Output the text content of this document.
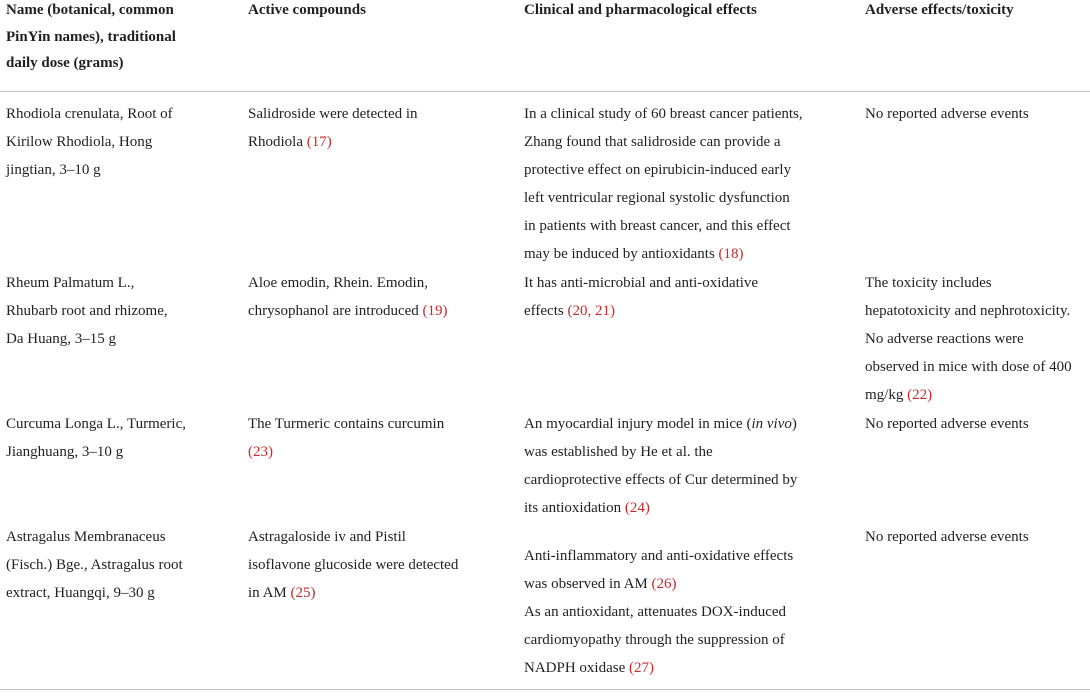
Name (botanical, common
PinYin names), traditional
daily dose (grams)
Active compounds	Clinical and pharmacological effects	Adverse effects/toxicity
Rhodiola crenulata, Root of
Kirilow Rhodiola, Hong
jingtian, 3–10 g
Salidroside were detected in
Rhodiola (17)
In a clinical study of 60 breast cancer patients,
Zhang found that salidroside can provide a
protective effect on epirubicin-induced early
left ventricular regional systolic dysfunction
in patients with breast cancer, and this effect
may be induced by antioxidants (18)
No reported adverse events
Rheum Palmatum L.,
Rhubarb root and rhizome,
Da Huang, 3–15 g
Aloe emodin, Rhein. Emodin,
chrysophanol are introduced (19)
It has anti-microbial and anti-oxidative
effects (20, 21)
The toxicity includes
hepatotoxicity and nephrotoxicity.
No adverse reactions were
observed in mice with dose of 400
mg/kg (22)
Curcuma Longa L., Turmeric,
Jianghuang, 3–10 g
The Turmeric contains curcumin
(23)
An myocardial injury model in mice (in vivo)
was established by He et al. the
cardioprotective effects of Cur determined by
its antioxidation (24)
No reported adverse events
Astragalus Membranaceus
(Fisch.) Bge., Astragalus root
extract, Huangqi, 9–30 g
Astragaloside iv and Pistil
isoflavone glucoside were detected
in AM (25)
Anti-inflammatory and anti-oxidative effects
was observed in AM (26)
As an antioxidant, attenuates DOX-induced
cardiomyopathy through the suppression of
NADPH oxidase (27)
No reported adverse events
